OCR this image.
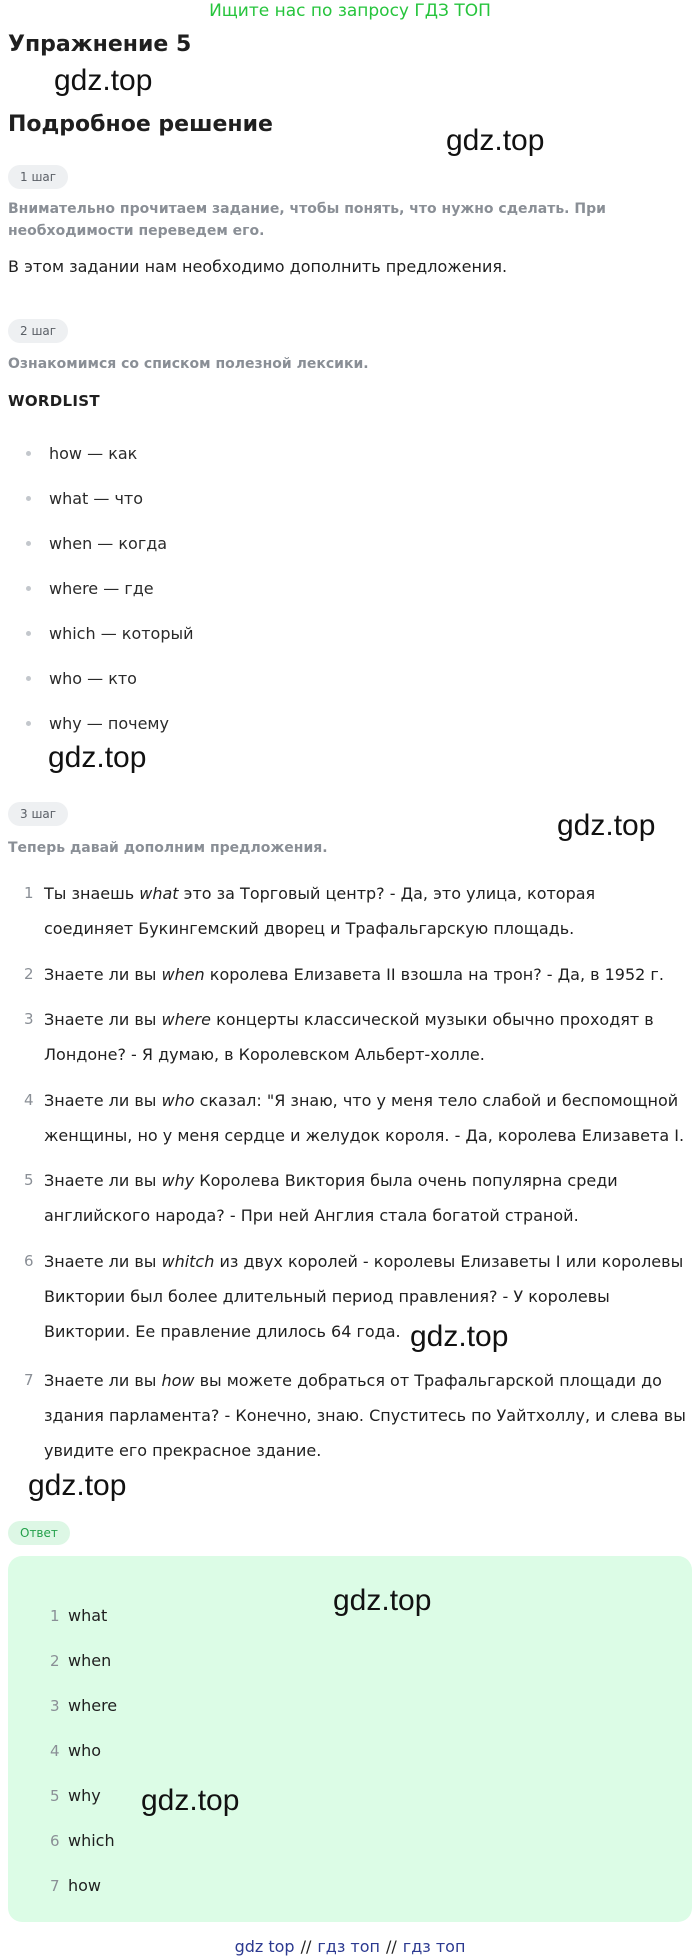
Ищите нас по запросу ГДЗ ТОП
Упражнение 5
gdz.top
Подробное решение	gdz.top
1 шаг
Внимательно прочитаем задание, чтобы понять, что нужно сделать. При необходимости переведем его.
В этом задании нам необходимо дополнить предложения.
2 шаг
Ознакомимся со списком полезной лексики.
WORDLIST
how — как
what — что
when — когда
where — где
which — который
who — кто
why — почему
gdz.top
3 шаг	gdz.top
Теперь давай дополним предложения.
1 Ты знаешь what это за Торговый центр? - Да, это улица, которая соединяет Букингемский дворец и Трафальгарскую площадь.
2 Знаете ли вы when королева Елизавета II взошла на трон? - Да, в 1952 г.
3 Знаете ли вы where концерты классической музыки обычно проходят в Лондоне? - Я думаю, в Королевском Альберт-холле.
4 Знаете ли вы who сказал: "Я знаю, что у меня тело слабой и беспомощной женщины, но у меня сердце и желудок короля. - Да, королева Елизавета I.
5 Знаете ли вы why Королева Виктория была очень популярна среди английского народа? - При ней Англия стала богатой страной.
6 Знаете ли вы whitch из двух королей - королевы Елизаветы I или королевы Виктории был более длительный период правления? - У королевы Виктории. Ее правление длилось 64 года. gdz.top
7 Знаете ли вы how вы можете добраться от Трафальгарской площади до здания парламента? - Конечно, знаю. Спуститесь по Уайтхоллу, и слева вы увидите его прекрасное здание.
gdz.top
Ответ
gdz.top
1 what
2 when
3 where
4 who
5 why gdz.top
6 which
7 how
gdz top // гдз топ // гдз топ
